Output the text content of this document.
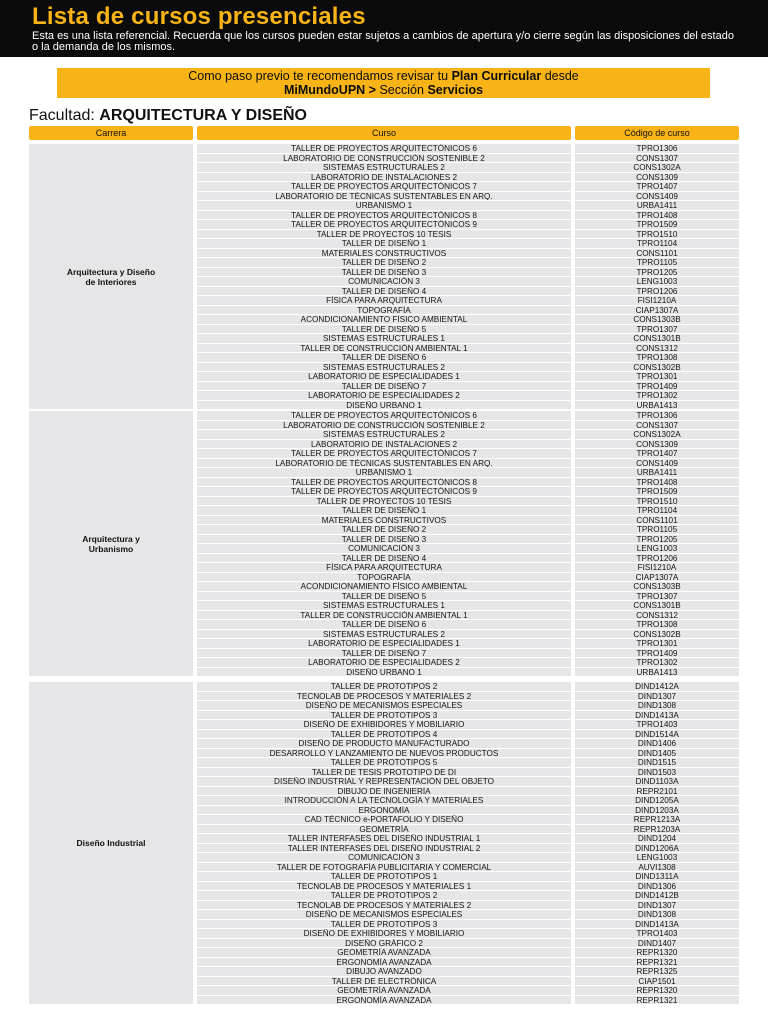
Lista de cursos presenciales
Esta es una lista referencial. Recuerda que los cursos pueden estar sujetos a cambios de apertura y/o cierre según las disposiciones del estado o la demanda de los mismos.
Como paso previo te recomendamos revisar tu Plan Curricular desde
MiMundoUPN > Sección Servicios
Facultad: ARQUITECTURA Y DISEÑO
Carrera	Curso	Código de curso
Arquitectura y Diseño de Interiores
TALLER DE PROYECTOS ARQUITECTÓNICOS 6	TPRO1306
LABORATORIO DE CONSTRUCCIÓN SOSTENIBLE 2	CONS1307
SISTEMAS ESTRUCTURALES 2	CONS1302A
LABORATORIO DE INSTALACIONES 2	CONS1309
TALLER DE PROYECTOS ARQUITECTÓNICOS 7	TPRO1407
LABORATORIO DE TÉCNICAS SUSTENTABLES EN ARQ.	CONS1409
URBANISMO 1	URBA1411
TALLER DE PROYECTOS ARQUITECTÓNICOS 8	TPRO1408
TALLER DE PROYECTOS ARQUITECTÓNICOS 9	TPRO1509
TALLER DE PROYECTOS 10 TESIS	TPRO1510
TALLER DE DISEÑO 1	TPRO1104
MATERIALES CONSTRUCTIVOS	CONS1101
TALLER DE DISEÑO 2	TPRO1105
TALLER DE DISEÑO 3	TPRO1205
COMUNICACIÓN 3	LENG1003
TALLER DE DISEÑO 4	TPRO1206
FÍSICA PARA ARQUITECTURA	FISI1210A
TOPOGRAFÍA	CIAP1307A
ACONDICIONAMIENTO FÍSICO AMBIENTAL	CONS1303B
TALLER DE DISEÑO 5	TPRO1307
SISTEMAS ESTRUCTURALES 1	CONS1301B
TALLER DE CONSTRUCCIÓN AMBIENTAL 1	CONS1312
TALLER DE DISEÑO 6	TPRO1308
SISTEMAS ESTRUCTURALES 2	CONS1302B
LABORATORIO DE ESPECIALIDADES 1	TPRO1301
TALLER DE DISEÑO 7	TPRO1409
LABORATORIO DE ESPECIALIDADES 2	TPRO1302
DISEÑO URBANO 1	URBA1413
Arquitectura y Urbanismo
TALLER DE PROYECTOS ARQUITECTÓNICOS 6	TPRO1306
LABORATORIO DE CONSTRUCCIÓN SOSTENIBLE 2	CONS1307
SISTEMAS ESTRUCTURALES 2	CONS1302A
LABORATORIO DE INSTALACIONES 2	CONS1309
TALLER DE PROYECTOS ARQUITECTÓNICOS 7	TPRO1407
LABORATORIO DE TÉCNICAS SUSTENTABLES EN ARQ.	CONS1409
URBANISMO 1	URBA1411
TALLER DE PROYECTOS ARQUITECTÓNICOS 8	TPRO1408
TALLER DE PROYECTOS ARQUITECTÓNICOS 9	TPRO1509
TALLER DE PROYECTOS 10 TESIS	TPRO1510
TALLER DE DISEÑO 1	TPRO1104
MATERIALES CONSTRUCTIVOS	CONS1101
TALLER DE DISEÑO 2	TPRO1105
TALLER DE DISEÑO 3	TPRO1205
COMUNICACIÓN 3	LENG1003
TALLER DE DISEÑO 4	TPRO1206
FÍSICA PARA ARQUITECTURA	FISI1210A
TOPOGRAFÍA	CIAP1307A
ACONDICIONAMIENTO FÍSICO AMBIENTAL	CONS1303B
TALLER DE DISEÑO 5	TPRO1307
SISTEMAS ESTRUCTURALES 1	CONS1301B
TALLER DE CONSTRUCCIÓN AMBIENTAL 1	CONS1312
TALLER DE DISEÑO 6	TPRO1308
SISTEMAS ESTRUCTURALES 2	CONS1302B
LABORATORIO DE ESPECIALIDADES 1	TPRO1301
TALLER DE DISEÑO 7	TPRO1409
LABORATORIO DE ESPECIALIDADES 2	TPRO1302
DISEÑO URBANO 1	URBA1413
Diseño Industrial
TALLER DE PROTOTIPOS 2	DIND1412A
TECNOLAB DE PROCESOS Y MATERIALES 2	DIND1307
DISEÑO DE MECANISMOS ESPECIALES	DIND1308
TALLER DE PROTOTIPOS 3	DIND1413A
DISEÑO DE EXHIBIDORES Y MOBILIARIO	TPRO1403
TALLER DE PROTOTIPOS 4	DIND1514A
DISEÑO DE PRODUCTO MANUFACTURADO	DIND1406
DESARROLLO Y LANZAMIENTO DE NUEVOS PRODUCTOS	DIND1405
TALLER DE PROTOTIPOS 5	DIND1515
TALLER DE TESIS PROTOTIPO DE DI	DIND1503
DISEÑO INDUSTRIAL Y REPRESENTACIÓN DEL OBJETO	DIND1103A
DIBUJO DE INGENIERÍA	REPR2101
INTRODUCCIÓN A LA TECNOLOGÍA Y MATERIALES	DIND1205A
ERGONOMÍA	DIND1203A
CAD TÉCNICO e-PORTAFOLIO Y DISEÑO	REPR1213A
GEOMETRÍA	REPR1203A
TALLER INTERFASES DEL DISEÑO INDUSTRIAL 1	DIND1204
TALLER INTERFASES DEL DISEÑO INDUSTRIAL 2	DIND1206A
COMUNICACIÓN 3	LENG1003
TALLER DE FOTOGRAFÍA PUBLICITARIA Y COMERCIAL	AUVI1308
TALLER DE PROTOTIPOS 1	DIND1311A
TECNOLAB DE PROCESOS Y MATERIALES 1	DIND1306
TALLER DE PROTOTIPOS 2	DIND1412B
TECNOLAB DE PROCESOS Y MATERIALES 2	DIND1307
DISEÑO DE MECANISMOS ESPECIALES	DIND1308
TALLER DE PROTOTIPOS 3	DIND1413A
DISEÑO DE EXHIBIDORES Y MOBILIARIO	TPRO1403
DISEÑO GRÁFICO 2	DIND1407
GEOMETRÍA AVANZADA	REPR1320
ERGONOMÍA AVANZADA	REPR1321
DIBUJO AVANZADO	REPR1325
TALLER DE ELECTRÓNICA	CIAP1501
GEOMETRÍA AVANZADA	REPR1320
ERGONOMÍA AVANZADA	REPR1321
